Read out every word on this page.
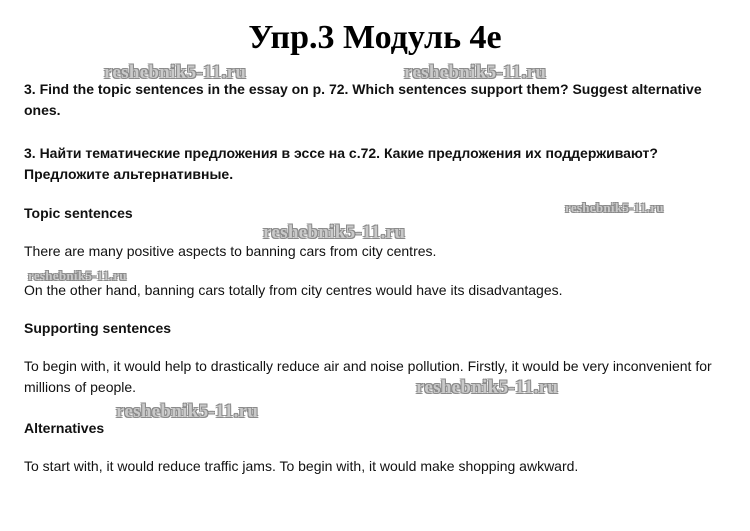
Упр.3 Модуль 4е

3. Find the topic sentences in the essay on p. 72. Which sentences support them? Suggest alternative ones.

3. Найти тематические предложения в эссе на с.72. Какие предложения их поддерживают? Предложите альтернативные.

Topic sentences

There are many positive aspects to banning cars from city centres.

On the other hand, banning cars totally from city centres would have its disadvantages.

Supporting sentences

To begin with, it would help to drastically reduce air and noise pollution. Firstly, it would be very inconvenient for millions of people.

Alternatives

To start with, it would reduce traffic jams. To begin with, it would make shopping awkward.

reshebnik5-11.ru	reshebnik5-11.ru
reshebnik5-11.ru
reshebnik5-11.ru
reshebnik5-11.ru
reshebnik5-11.ru
reshebnik5-11.ru
